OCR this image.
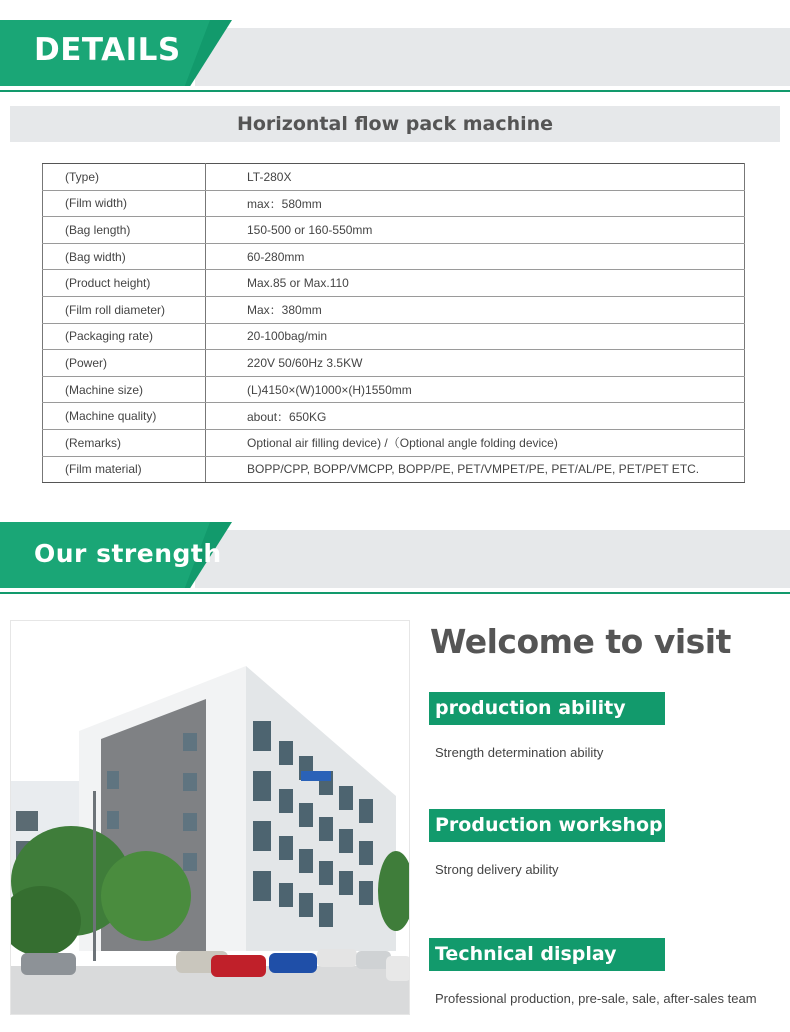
DETAILS
Horizontal flow pack machine
(Type)	LT-280X
(Film width)	max：580mm
(Bag length)	150-500 or 160-550mm
(Bag width)	60-280mm
(Product height)	Max.85 or Max.110
(Film roll diameter)	Max：380mm
(Packaging rate)	20-100bag/min
(Power)	220V 50/60Hz 3.5KW
(Machine size)	(L)4150×(W)1000×(H)1550mm
(Machine quality)	about：650KG
(Remarks)	Optional air filling device) /（Optional angle folding device)
(Film material)	BOPP/CPP, BOPP/VMCPP, BOPP/PE, PET/VMPET/PE, PET/AL/PE, PET/PET ETC.
Our strength
Welcome to visit
production ability
Strength determination ability
Production workshop
Strong delivery ability
Technical display
Professional production, pre-sale, sale, after-sales team
